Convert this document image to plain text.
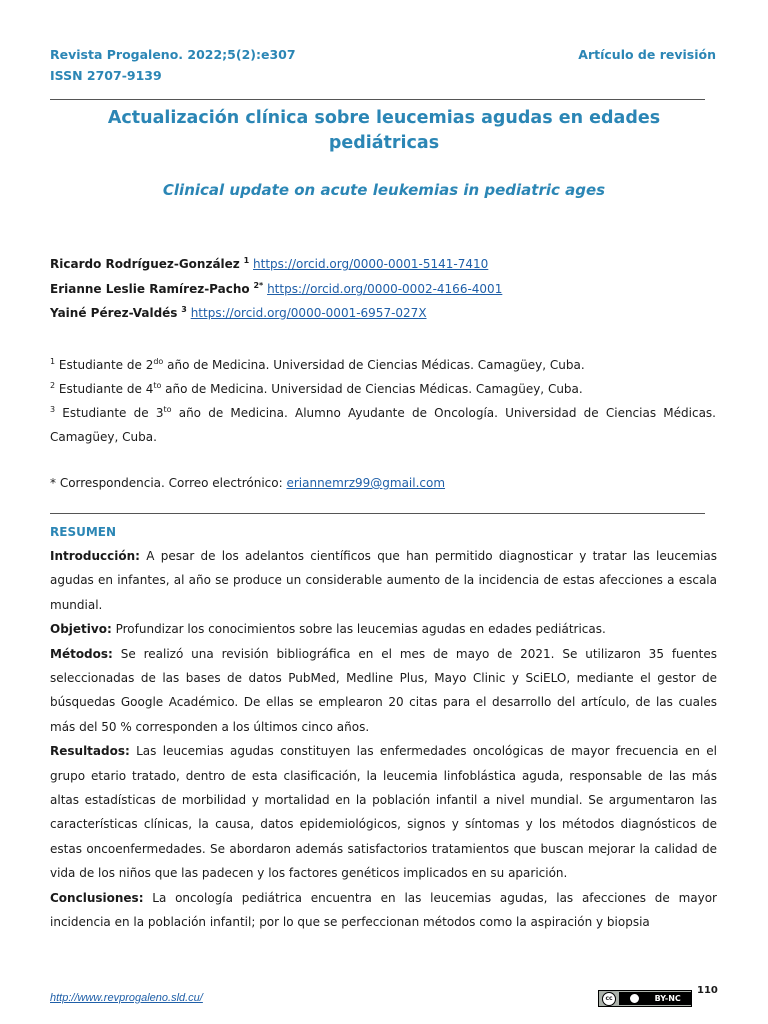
Revista Progaleno. 2022;5(2):e307	Artículo de revisión
ISSN 2707-9139
Actualización clínica sobre leucemias agudas en edades pediátricas
Clinical update on acute leukemias in pediatric ages
Ricardo Rodríguez-González $^1$ https://orcid.org/0000-0001-5141-7410
Erianne Leslie Ramírez-Pacho $^{2*}$ https://orcid.org/0000-0002-4166-4001
Yainé Pérez-Valdés $^3$ https://orcid.org/0000-0001-6957-027X

$^1$ Estudiante de $2^{do}$ año de Medicina. Universidad de Ciencias Médicas. Camagüey, Cuba.

$^2$ Estudiante de $4^{to}$ año de Medicina. Universidad de Ciencias Médicas. Camagüey, Cuba.

$^3$ Estudiante de $3^{to}$ año de Medicina. Alumno Ayudante de Oncología. Universidad de Ciencias Médicas. Camagüey, Cuba.

* Correspondencia. Correo electrónico: eriannemrz99@gmail.com
RESUMEN

Introducción: A pesar de los adelantos científicos que han permitido diagnosticar y tratar las leucemias agudas en infantes, al año se produce un considerable aumento de la incidencia de estas afecciones a escala mundial.

Objetivo: Profundizar los conocimientos sobre las leucemias agudas en edades pediátricas.

Métodos: Se realizó una revisión bibliográfica en el mes de mayo de 2021. Se utilizaron 35 fuentes seleccionadas de las bases de datos PubMed, Medline Plus, Mayo Clinic y SciELO, mediante el gestor de búsquedas Google Académico. De ellas se emplearon 20 citas para el desarrollo del artículo, de las cuales más del 50 % corresponden a los últimos cinco años.

Resultados: Las leucemias agudas constituyen las enfermedades oncológicas de mayor frecuencia en el grupo etario tratado, dentro de esta clasificación, la leucemia linfoblástica aguda, responsable de las más altas estadísticas de morbilidad y mortalidad en la población infantil a nivel mundial. Se argumentaron las características clínicas, la causa, datos epidemiológicos, signos y síntomas y los métodos diagnósticos de estas oncoenfermedades. Se abordaron además satisfactorios tratamientos que buscan mejorar la calidad de vida de los niños que las padecen y los factores genéticos implicados en su aparición.

Conclusiones: La oncología pediátrica encuentra en las leucemias agudas, las afecciones de mayor incidencia en la población infantil; por lo que se perfeccionan métodos como la aspiración y biopsia

http://www.revprogaleno.sld.cu/	cc	BY-NC
110
